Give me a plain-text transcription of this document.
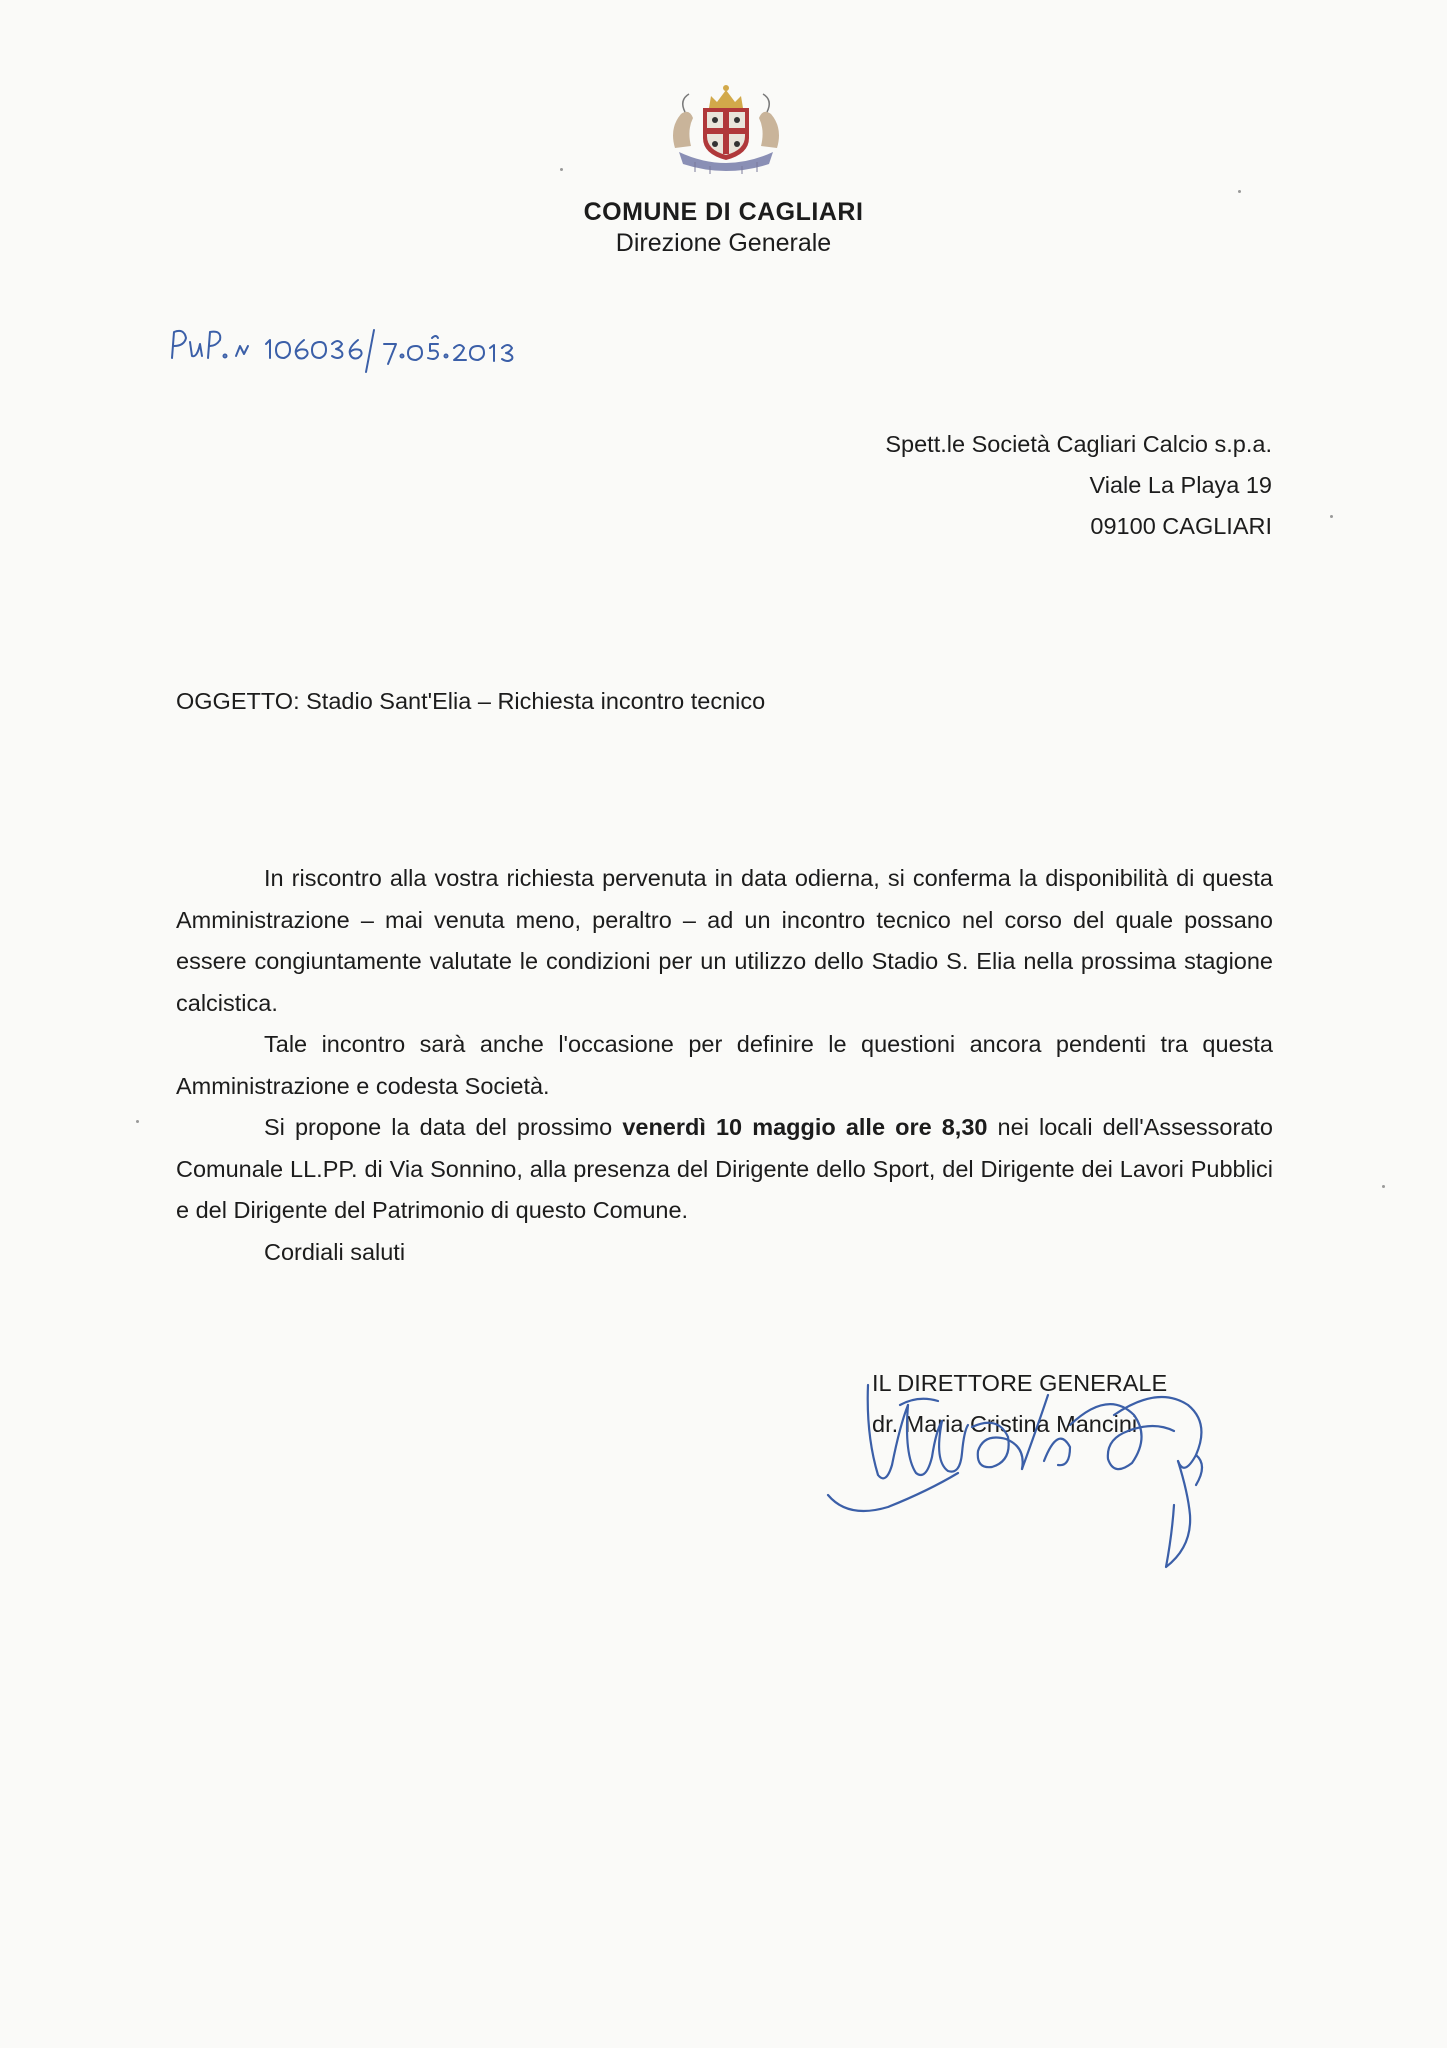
COMUNE DI CAGLIARI
Direzione Generale
Spett.le Società Cagliari Calcio s.p.a.
Viale La Playa 19
09100 CAGLIARI
OGGETTO: Stadio Sant'Elia – Richiesta incontro tecnico

In riscontro alla vostra richiesta pervenuta in data odierna, si conferma la disponibilità di questa Amministrazione – mai venuta meno, peraltro – ad un incontro tecnico nel corso del quale possano essere congiuntamente valutate le condizioni per un utilizzo dello Stadio S. Elia nella prossima stagione calcistica.

Tale incontro sarà anche l'occasione per definire le questioni ancora pendenti tra questa Amministrazione e codesta Società.

Si propone la data del prossimo venerdì 10 maggio alle ore 8,30 nei locali dell'Assessorato Comunale LL.PP. di Via Sonnino, alla presenza del Dirigente dello Sport, del Dirigente dei Lavori Pubblici e del Dirigente del Patrimonio di questo Comune.

Cordiali saluti

IL DIRETTORE GENERALE
dr. Maria Cristina Mancini
